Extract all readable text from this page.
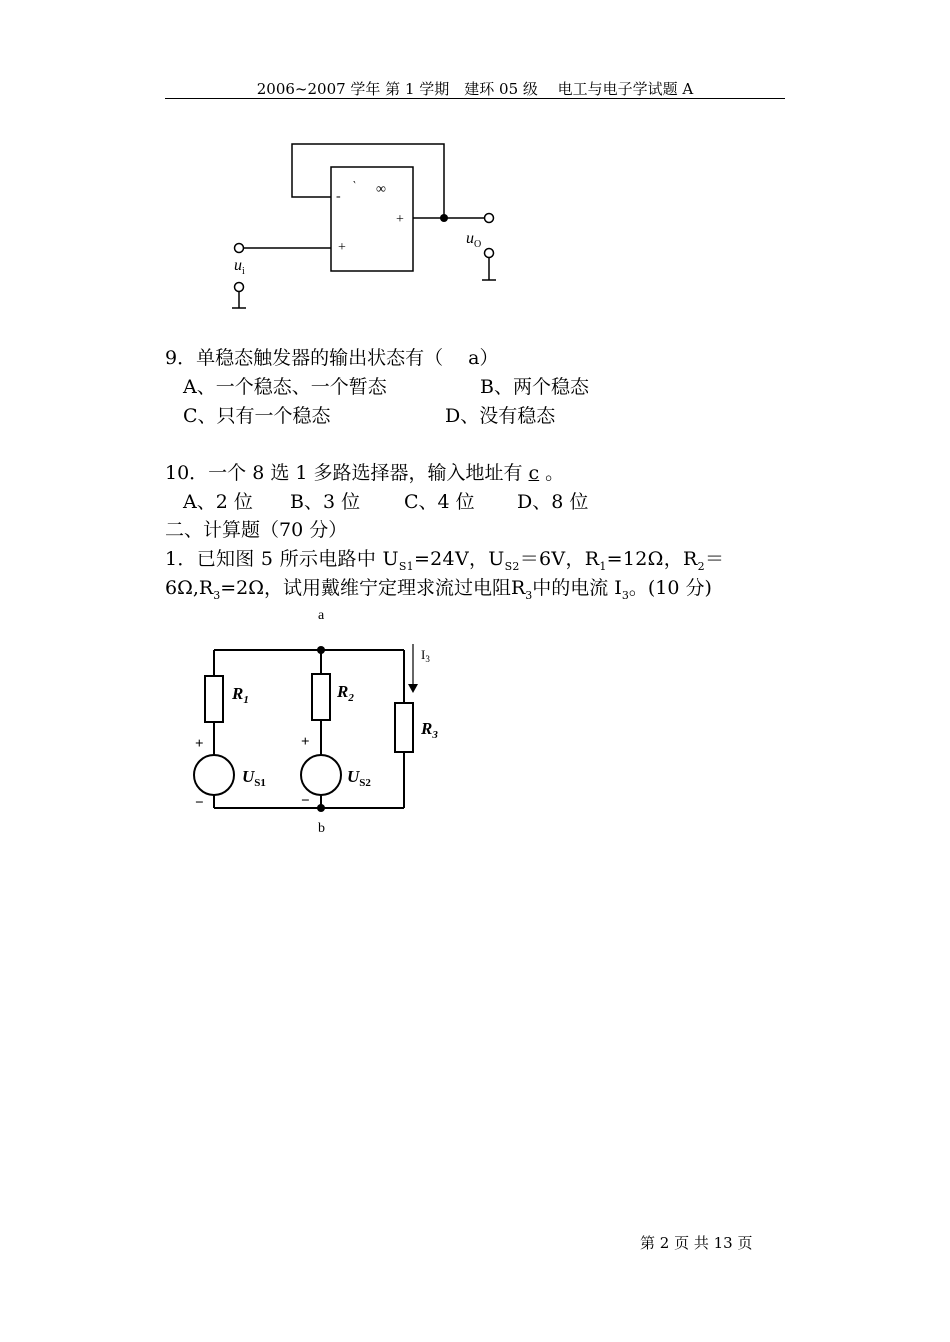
2006~2007 学年 第 1 学期　建环 05 级　 电工与电子学试题 A
-
‵ ∞
+
+
$u_O$
$u_i$
9．单稳态触发器的输出状态有（　 a）
A、一个稳态、一个暂态	B、两个稳态
C、只有一个稳态	D、没有稳态
10．一个 8 选 1 多路选择器，输入地址有 c 。
A、2 位 B、3 位 C、4 位 D、8 位
二、计算题（70 分）
1．已知图 5 所示电路中 $U_{S1}=24V$，$U_{S2}=6V$，$R_1=12\Omega$，$R_2=$
$6\Omega,R_3=2\Omega$，试用戴维宁定理求流过电阻$R_3$中的电流 $I_3$。(10 分)
a
b
$I_3$
$R_1$	$R_2$
$R_3$
$U_{S1}$	$U_{S2}$
+
−
+
−
第 2 页 共 13 页
